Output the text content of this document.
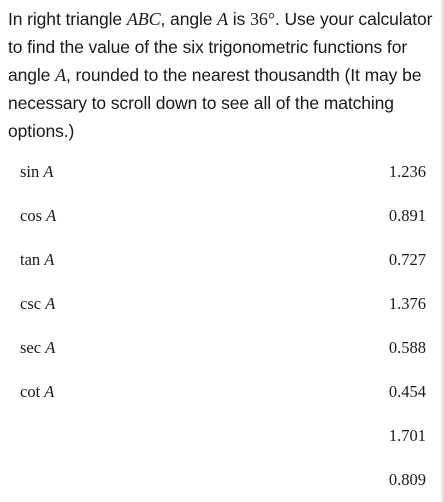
In right triangle ABC, angle A is 36°. Use your calculator to find the value of the six trigonometric functions for angle A, rounded to the nearest thousandth (It may be necessary to scroll down to see all of the matching options.)
sin A
cos A
tan A
csc A
sec A
cot A
1.236
0.891
0.727
1.376
0.588
0.454
1.701
0.809
